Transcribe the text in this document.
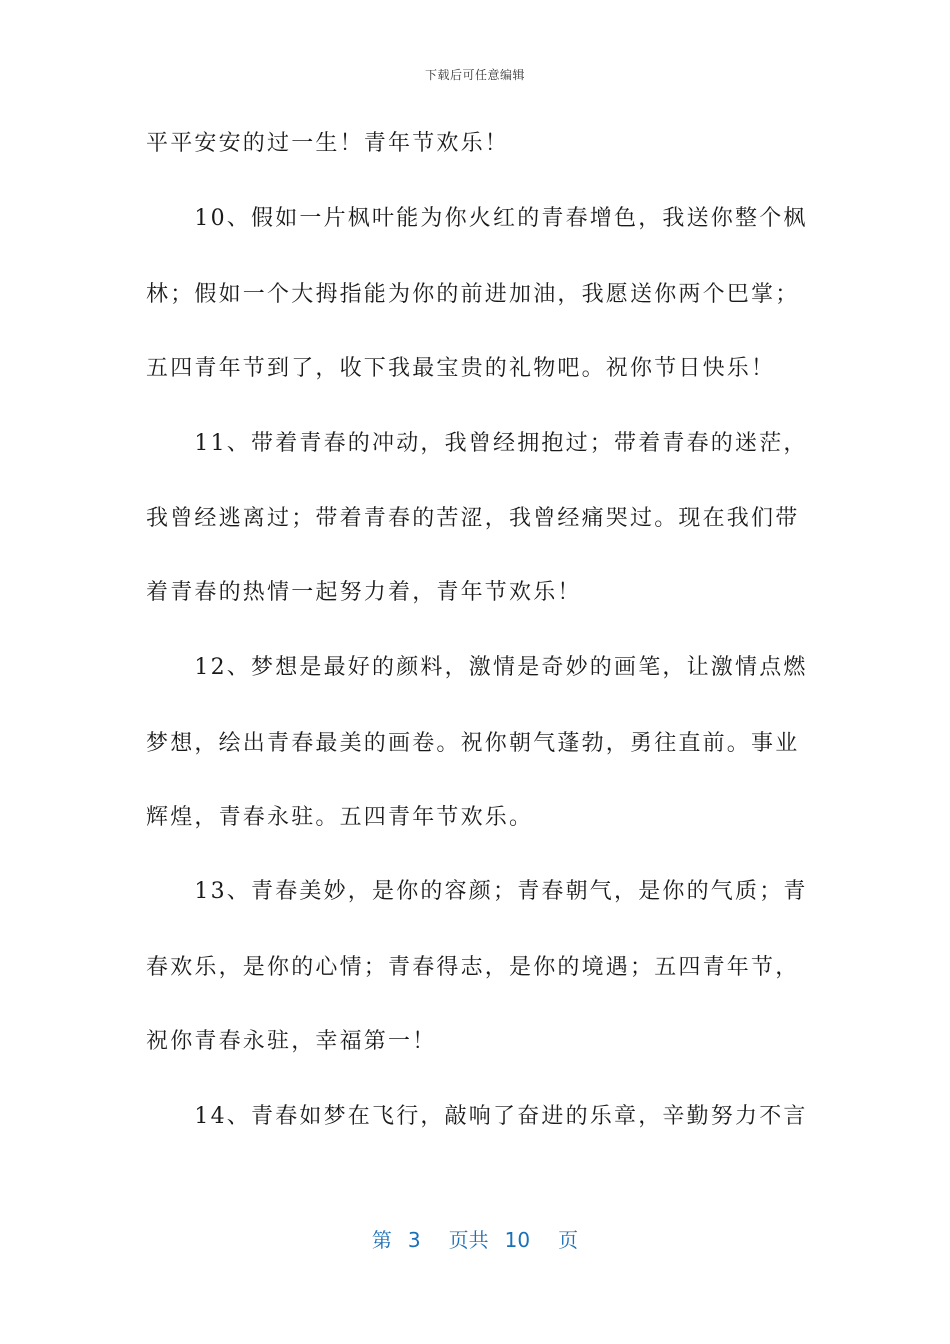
下载后可任意编辑
平平安安的过一生！青年节欢乐！
　　10、假如一片枫叶能为你火红的青春增色，我送你整个枫
林；假如一个大拇指能为你的前进加油，我愿送你两个巴掌；
五四青年节到了，收下我最宝贵的礼物吧。祝你节日快乐！
　　11、带着青春的冲动，我曾经拥抱过；带着青春的迷茫，
我曾经逃离过；带着青春的苦涩，我曾经痛哭过。现在我们带
着青春的热情一起努力着，青年节欢乐！
　　12、梦想是最好的颜料，激情是奇妙的画笔，让激情点燃
梦想，绘出青春最美的画卷。祝你朝气蓬勃，勇往直前。事业
辉煌，青春永驻。五四青年节欢乐。
　　13、青春美妙，是你的容颜；青春朝气，是你的气质；青
春欢乐，是你的心情；青春得志，是你的境遇；五四青年节，
祝你青春永驻，幸福第一！
　　14、青春如梦在飞行，敲响了奋进的乐章，辛勤努力不言
第 3 页共 10 页
